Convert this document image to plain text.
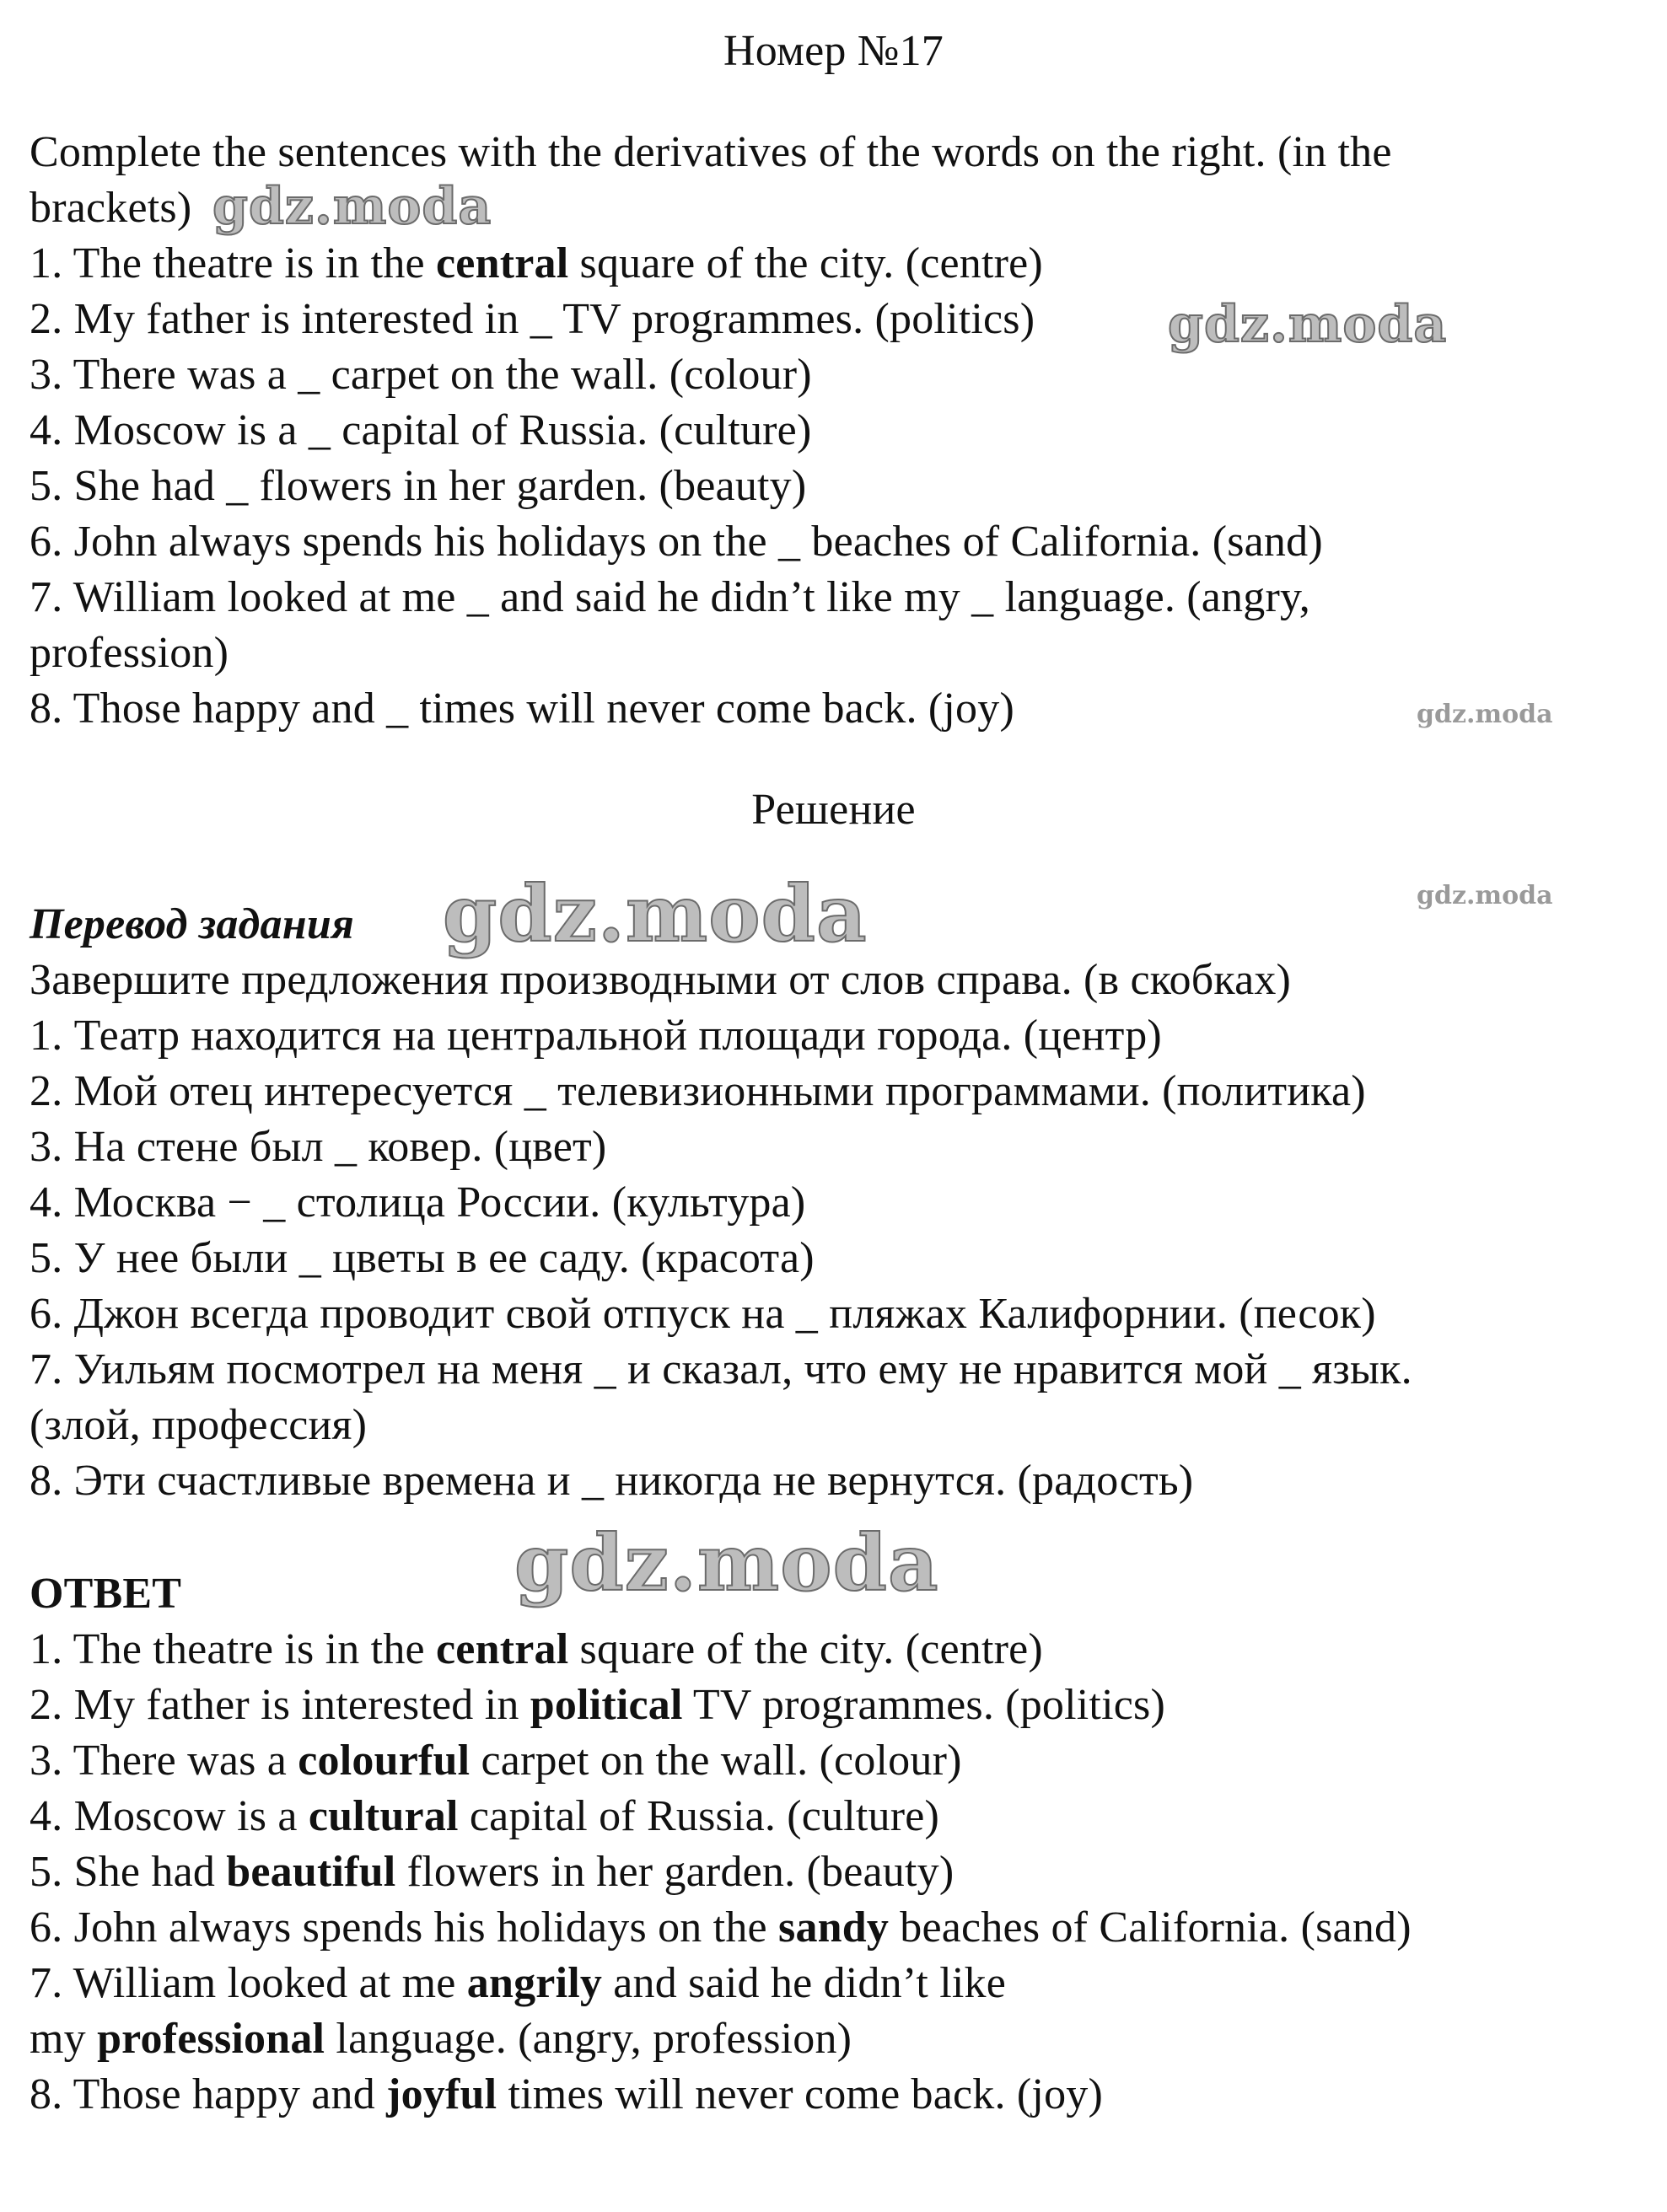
Номер №17
Complete the sentences with the derivatives of the words on the right. (in the
brackets)
1. The theatre is in the central square of the city. (centre)
2. My father is interested in _ TV programmes. (politics)
3. There was a _ carpet on the wall. (colour)
4. Moscow is a _ capital of Russia. (culture)
5. She had _ flowers in her garden. (beauty)
6. John always spends his holidays on the _ beaches of California. (sand)
7. William looked at me _ and said he didn’t like my _ language. (angry,
profession)
8. Those happy and _ times will never come back. (joy)
Решение
Перевод задания
Завершите предложения производными от слов справа. (в скобках)
1. Театр находится на центральной площади города. (центр)
2. Мой отец интересуется _ телевизионными программами. (политика)
3. На стене был _ ковер. (цвет)
4. Москва − _ столица России. (культура)
5. У нее были _ цветы в ее саду. (красота)
6. Джон всегда проводит свой отпуск на _ пляжах Калифорнии. (песок)
7. Уильям посмотрел на меня _ и сказал, что ему не нравится мой _ язык.
(злой, профессия)
8. Эти счастливые времена и _ никогда не вернутся. (радость)
ОТВЕТ
1. The theatre is in the central square of the city. (centre)
2. My father is interested in political TV programmes. (politics)
3. There was a colourful carpet on the wall. (colour)
4. Moscow is a cultural capital of Russia. (culture)
5. She had beautiful flowers in her garden. (beauty)
6. John always spends his holidays on the sandy beaches of California. (sand)
7. William looked at me angrily and said he didn’t like
my professional language. (angry, profession)
8. Those happy and joyful times will never come back. (joy)
gdz.moda
gdz.moda
gdz.moda
gdz.moda
gdz.moda
gdz.moda
